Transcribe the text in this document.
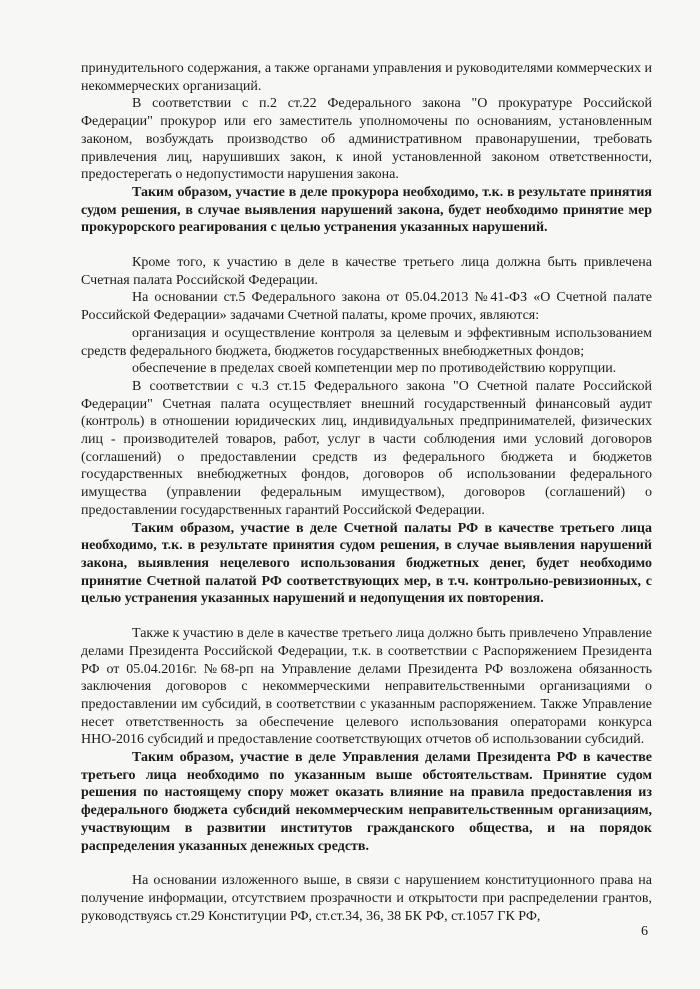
принудительного содержания, а также органами управления и руководителями коммерческих и некоммерческих организаций.

В соответствии с п.2 ст.22 Федерального закона "О прокуратуре Российской Федерации" прокурор или его заместитель уполномочены по основаниям, установленным законом, возбуждать производство об административном правонарушении, требовать привлечения лиц, нарушивших закон, к иной установленной законом ответственности, предостерегать о недопустимости нарушения закона.

Таким образом, участие в деле прокурора необходимо, т.к. в результате принятия судом решения, в случае выявления нарушений закона, будет необходимо принятие мер прокурорского реагирования с целью устранения указанных нарушений.

Кроме того, к участию в деле в качестве третьего лица должна быть привлечена Счетная палата Российской Федерации.

На основании ст.5 Федерального закона от 05.04.2013 №41-ФЗ «О Счетной палате Российской Федерации» задачами Счетной палаты, кроме прочих, являются:

организация и осуществление контроля за целевым и эффективным использованием средств федерального бюджета, бюджетов государственных внебюджетных фондов;

обеспечение в пределах своей компетенции мер по противодействию коррупции.

В соответствии с ч.3 ст.15 Федерального закона "О Счетной палате Российской Федерации" Счетная палата осуществляет внешний государственный финансовый аудит (контроль) в отношении юридических лиц, индивидуальных предпринимателей, физических лиц - производителей товаров, работ, услуг в части соблюдения ими условий договоров (соглашений) о предоставлении средств из федерального бюджета и бюджетов государственных внебюджетных фондов, договоров об использовании федерального имущества (управлении федеральным имуществом), договоров (соглашений) о предоставлении государственных гарантий Российской Федерации.

Таким образом, участие в деле Счетной палаты РФ в качестве третьего лица необходимо, т.к. в результате принятия судом решения, в случае выявления нарушений закона, выявления нецелевого использования бюджетных денег, будет необходимо принятие Счетной палатой РФ соответствующих мер, в т.ч. контрольно-ревизионных, с целью устранения указанных нарушений и недопущения их повторения.

Также к участию в деле в качестве третьего лица должно быть привлечено Управление делами Президента Российской Федерации, т.к. в соответствии с Распоряжением Президента РФ от 05.04.2016г. №68-рп на Управление делами Президента РФ возложена обязанность заключения договоров с некоммерческими неправительственными организациями о предоставлении им субсидий, в соответствии с указанным распоряжением. Также Управление несет ответственность за обеспечение целевого использования операторами конкурса ННО-2016 субсидий и предоставление соответствующих отчетов об использовании субсидий.

Таким образом, участие в деле Управления делами Президента РФ в качестве третьего лица необходимо по указанным выше обстоятельствам. Принятие судом решения по настоящему спору может оказать влияние на правила предоставления из федерального бюджета субсидий некоммерческим неправительственным организациям, участвующим в развитии институтов гражданского общества, и на порядок распределения указанных денежных средств.

На основании изложенного выше, в связи с нарушением конституционного права на получение информации, отсутствием прозрачности и открытости при распределении грантов, руководствуясь ст.29 Конституции РФ, ст.ст.34, 36, 38 БК РФ, ст.1057 ГК РФ,

6
